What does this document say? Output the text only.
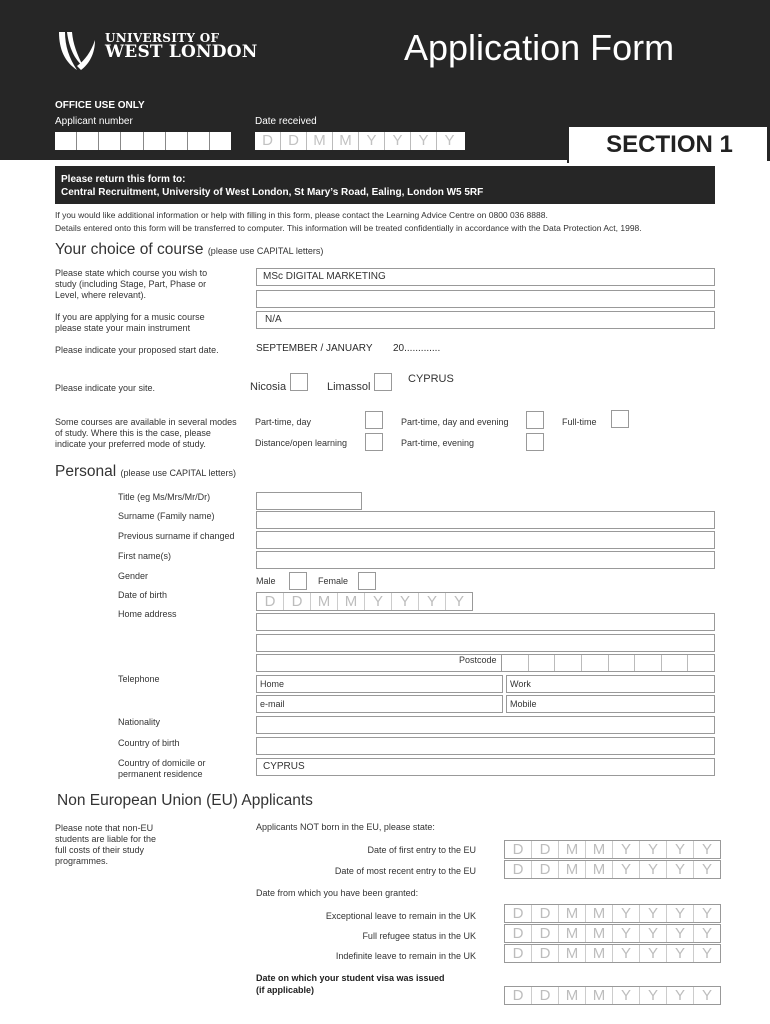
UNIVERSITY OF
WEST LONDON	Application Form
OFFICE USE ONLY
Applicant number	Date received
D	D M M Y	Y	Y	Y	SECTION 1
Please return this form to:
Central Recruitment, University of West London, St Mary’s Road, Ealing, London W5 5RF
If you would like additional information or help with filling in this form, please contact the Learning Advice Centre on 0800 036 8888.
Details entered onto this form will be transferred to computer. This information will be treated confidentially in accordance with the Data Protection Act, 1998.
Your choice of course (please use CAPITAL letters)
Please state which course you wish to
study (including Stage, Part, Phase or
Level, where relevant).
MSc DIGITAL MARKETING
If you are applying for a music course
please state your main instrument
N/A
Please indicate your proposed start date.	SEPTEMBER / JANUARY 20.............
Please indicate your site.	Nicosia	Limassol
CYPRUS
Some courses are available in several modes
of study. Where this is the case, please
indicate your preferred mode of study.
Part-time, day	Part-time, day and evening	Full-time
Distance/open learning	Part-time, evening
Personal (please use CAPITAL letters)
Title (eg Ms/Mrs/Mr/Dr)
Surname (Family name)
Previous surname if changed
First name(s)
Gender	Male	Female
Date of birth	D	D	M M	Y	Y	Y	Y
Home address
Postcode
Telephone	Home	Work
e-mail	Mobile
Nationality
Country of birth
Country of domicile or
permanent residence
CYPRUS
Non European Union (EU) Applicants
Please note that non-EU
students are liable for the
full costs of their study
programmes.
Applicants NOT born in the EU, please state:
Date of first entry to the EU	D	D	M M	Y	Y	Y	Y
Date of most recent entry to the EU	D	D	M M	Y	Y	Y	Y
Date from which you have been granted:
Exceptional leave to remain in the UK	D	D	M M	Y	Y	Y	Y
Full refugee status in the UK	D	D	M M	Y	Y	Y	Y
Indefinite leave to remain in the UK	D	D	M M	Y	Y	Y	Y
Date on which your student visa was issued
(if applicable)	D	D	M M	Y	Y	Y	Y
